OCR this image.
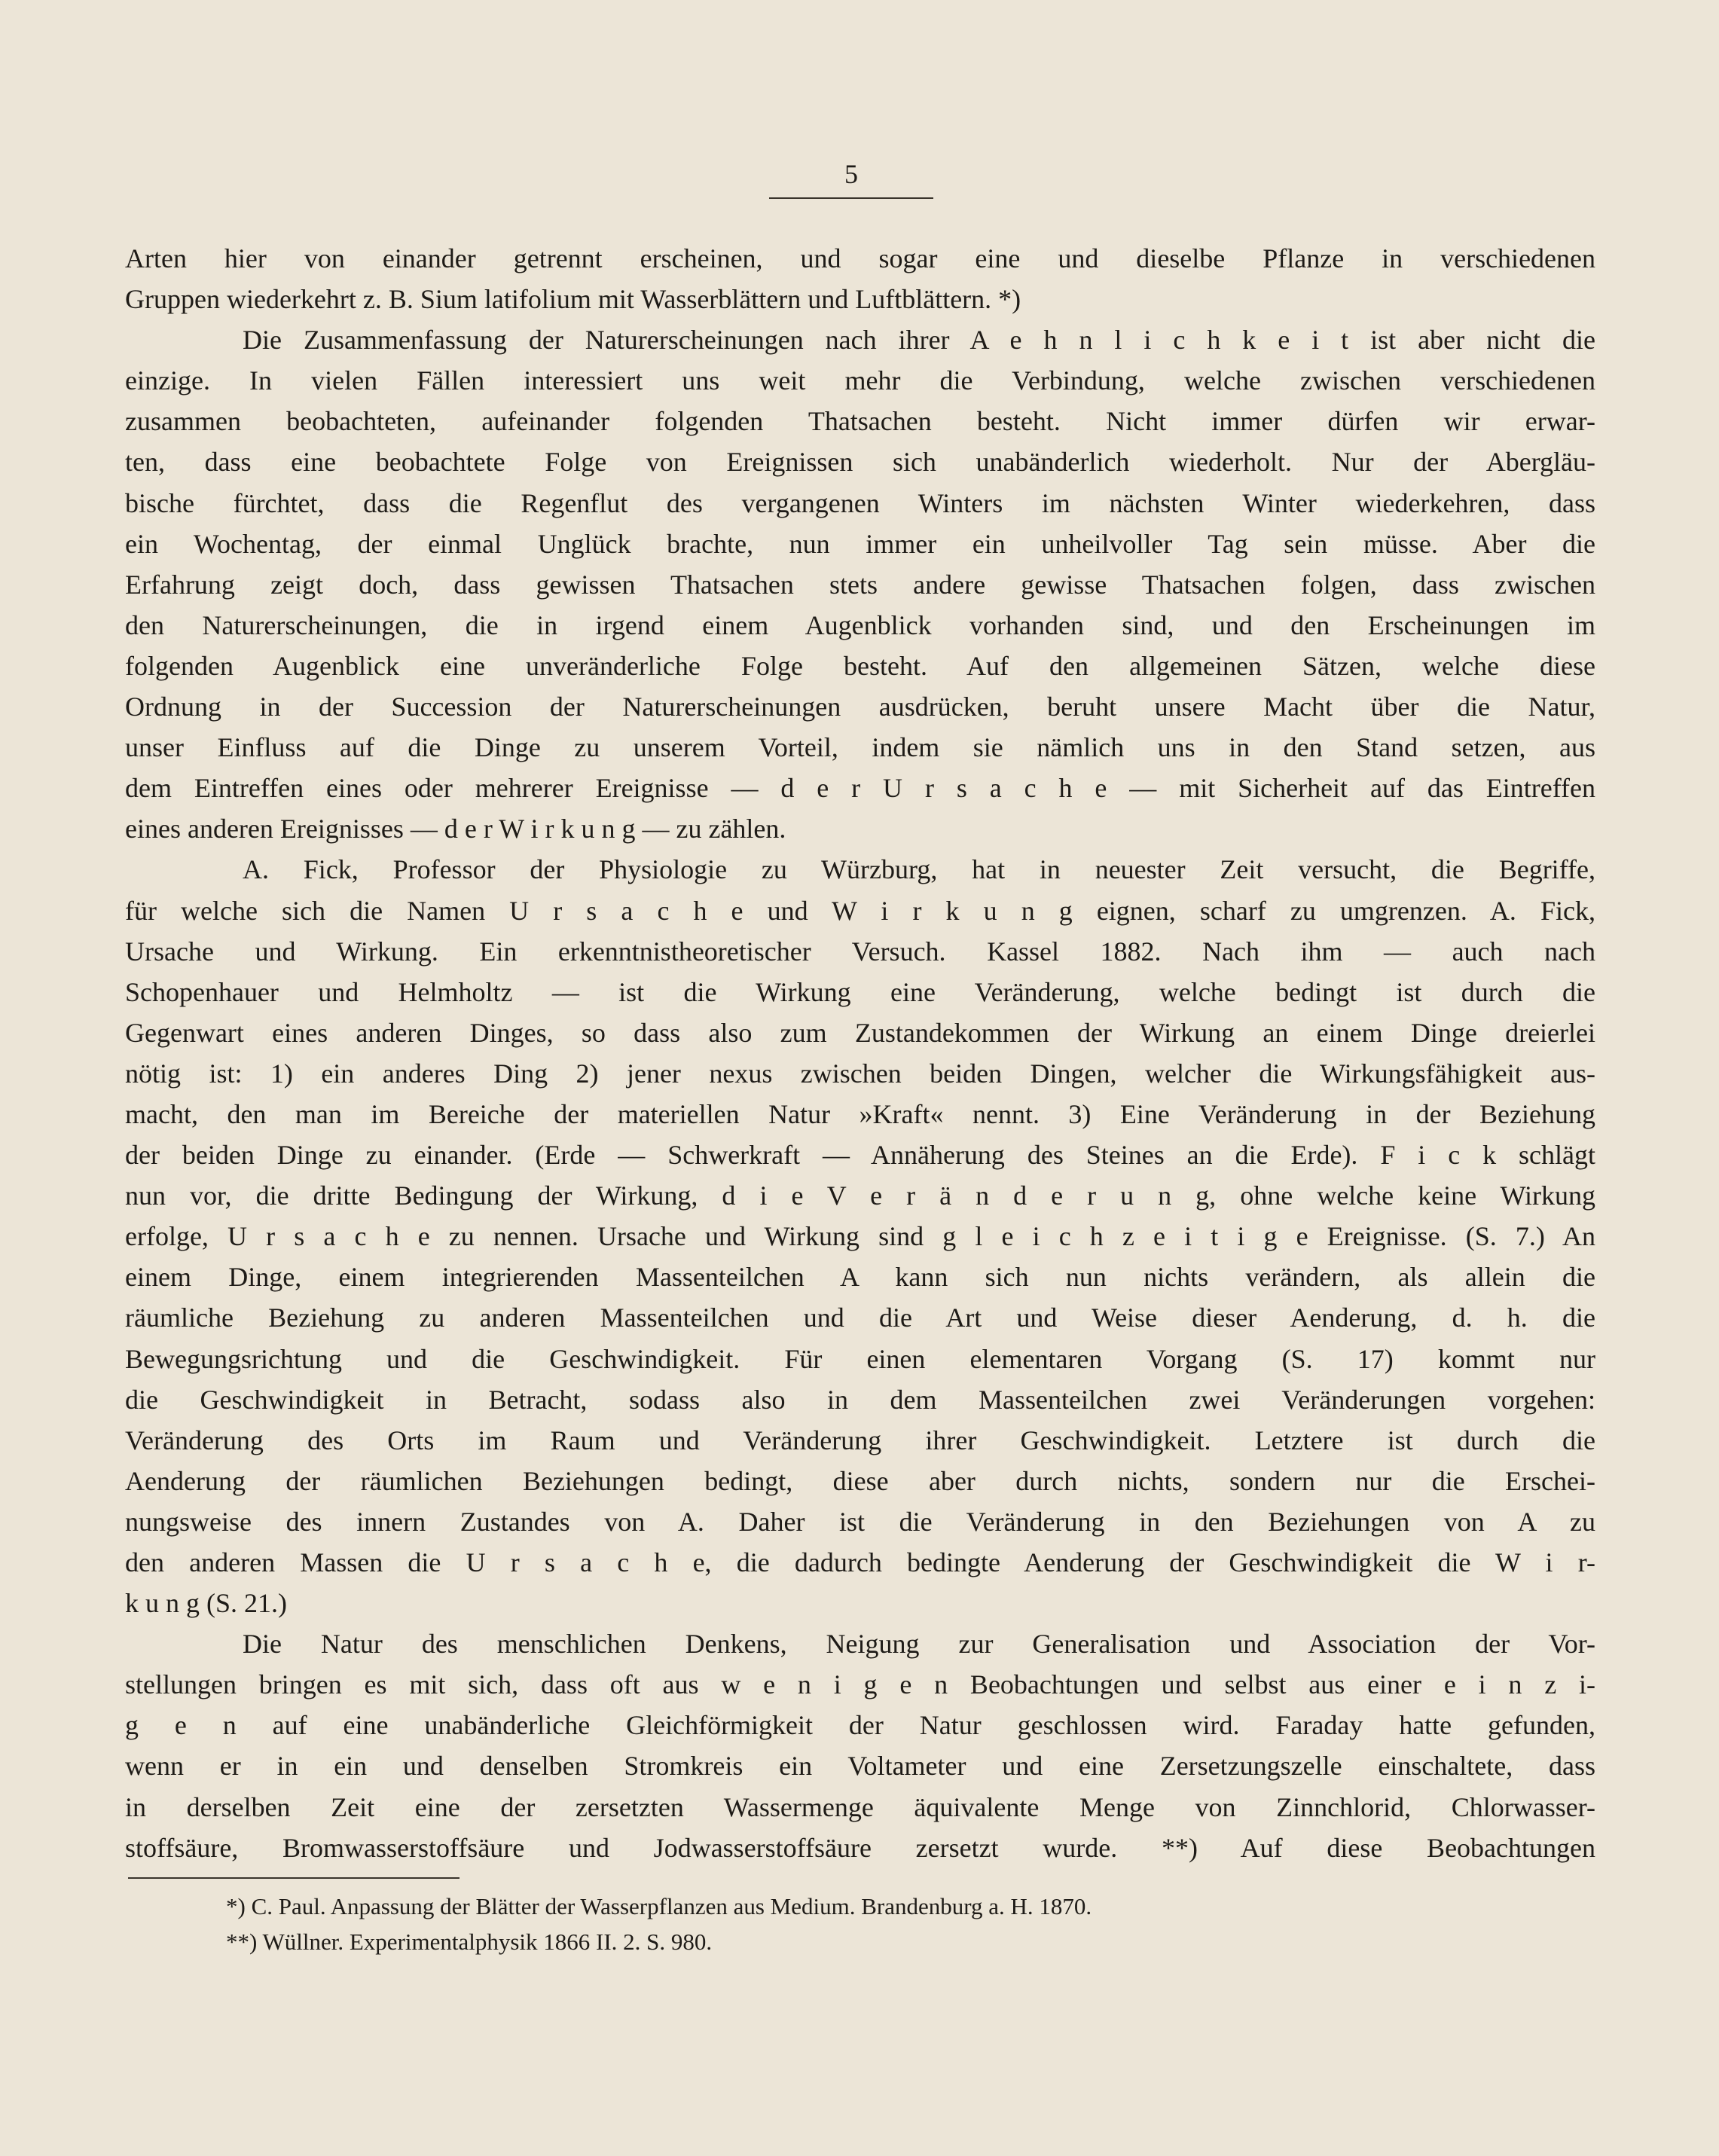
5
Arten hier von einander getrennt erscheinen, und sogar eine und dieselbe Pflanze in verschiedenen
Gruppen wiederkehrt z. B. Sium latifolium mit Wasserblättern und Luftblättern. *)
Die Zusammenfassung der Naturerscheinungen nach ihrer A e h n l i c h k e i t ist aber nicht die
einzige. In vielen Fällen interessiert uns weit mehr die Verbindung, welche zwischen verschiedenen
zusammen beobachteten, aufeinander folgenden Thatsachen besteht. Nicht immer dürfen wir erwar-
ten, dass eine beobachtete Folge von Ereignissen sich unabänderlich wiederholt. Nur der Abergläu-
bische fürchtet, dass die Regenflut des vergangenen Winters im nächsten Winter wiederkehren, dass
ein Wochentag, der einmal Unglück brachte, nun immer ein unheilvoller Tag sein müsse. Aber die
Erfahrung zeigt doch, dass gewissen Thatsachen stets andere gewisse Thatsachen folgen, dass zwischen
den Naturerscheinungen, die in irgend einem Augenblick vorhanden sind, und den Erscheinungen im
folgenden Augenblick eine unveränderliche Folge besteht. Auf den allgemeinen Sätzen, welche diese
Ordnung in der Succession der Naturerscheinungen ausdrücken, beruht unsere Macht über die Natur,
unser Einfluss auf die Dinge zu unserem Vorteil, indem sie nämlich uns in den Stand setzen, aus
dem Eintreffen eines oder mehrerer Ereignisse — d e r U r s a c h e — mit Sicherheit auf das Eintreffen
eines anderen Ereignisses — d e r W i r k u n g — zu zählen.
A. Fick, Professor der Physiologie zu Würzburg, hat in neuester Zeit versucht, die Begriffe,
für welche sich die Namen U r s a c h e und W i r k u n g eignen, scharf zu umgrenzen. A. Fick,
Ursache und Wirkung. Ein erkenntnistheoretischer Versuch. Kassel 1882. Nach ihm — auch nach
Schopenhauer und Helmholtz — ist die Wirkung eine Veränderung, welche bedingt ist durch die
Gegenwart eines anderen Dinges, so dass also zum Zustandekommen der Wirkung an einem Dinge dreierlei
nötig ist: 1) ein anderes Ding 2) jener nexus zwischen beiden Dingen, welcher die Wirkungsfähigkeit aus-
macht, den man im Bereiche der materiellen Natur »Kraft« nennt. 3) Eine Veränderung in der Beziehung
der beiden Dinge zu einander. (Erde — Schwerkraft — Annäherung des Steines an die Erde). F i c k schlägt
nun vor, die dritte Bedingung der Wirkung, d i e V e r ä n d e r u n g, ohne welche keine Wirkung
erfolge, U r s a c h e zu nennen. Ursache und Wirkung sind g l e i c h z e i t i g e Ereignisse. (S. 7.) An
einem Dinge, einem integrierenden Massenteilchen A kann sich nun nichts verändern, als allein die
räumliche Beziehung zu anderen Massenteilchen und die Art und Weise dieser Aenderung, d. h. die
Bewegungsrichtung und die Geschwindigkeit. Für einen elementaren Vorgang (S. 17) kommt nur
die Geschwindigkeit in Betracht, sodass also in dem Massenteilchen zwei Veränderungen vorgehen:
Veränderung des Orts im Raum und Veränderung ihrer Geschwindigkeit. Letztere ist durch die
Aenderung der räumlichen Beziehungen bedingt, diese aber durch nichts, sondern nur die Erschei-
nungsweise des innern Zustandes von A. Daher ist die Veränderung in den Beziehungen von A zu
den anderen Massen die U r s a c h e, die dadurch bedingte Aenderung der Geschwindigkeit die W i r-
k u n g (S. 21.)
Die Natur des menschlichen Denkens, Neigung zur Generalisation und Association der Vor-
stellungen bringen es mit sich, dass oft aus w e n i g e n Beobachtungen und selbst aus einer e i n z i-
g e n auf eine unabänderliche Gleichförmigkeit der Natur geschlossen wird. Faraday hatte gefunden,
wenn er in ein und denselben Stromkreis ein Voltameter und eine Zersetzungszelle einschaltete, dass
in derselben Zeit eine der zersetzten Wassermenge äquivalente Menge von Zinnchlorid, Chlorwasser-
stoffsäure, Bromwasserstoffsäure und Jodwasserstoffsäure zersetzt wurde. **) Auf diese Beobachtungen
*) C. Paul. Anpassung der Blätter der Wasserpflanzen aus Medium. Brandenburg a. H. 1870.
**) Wüllner. Experimentalphysik 1866 II. 2. S. 980.
